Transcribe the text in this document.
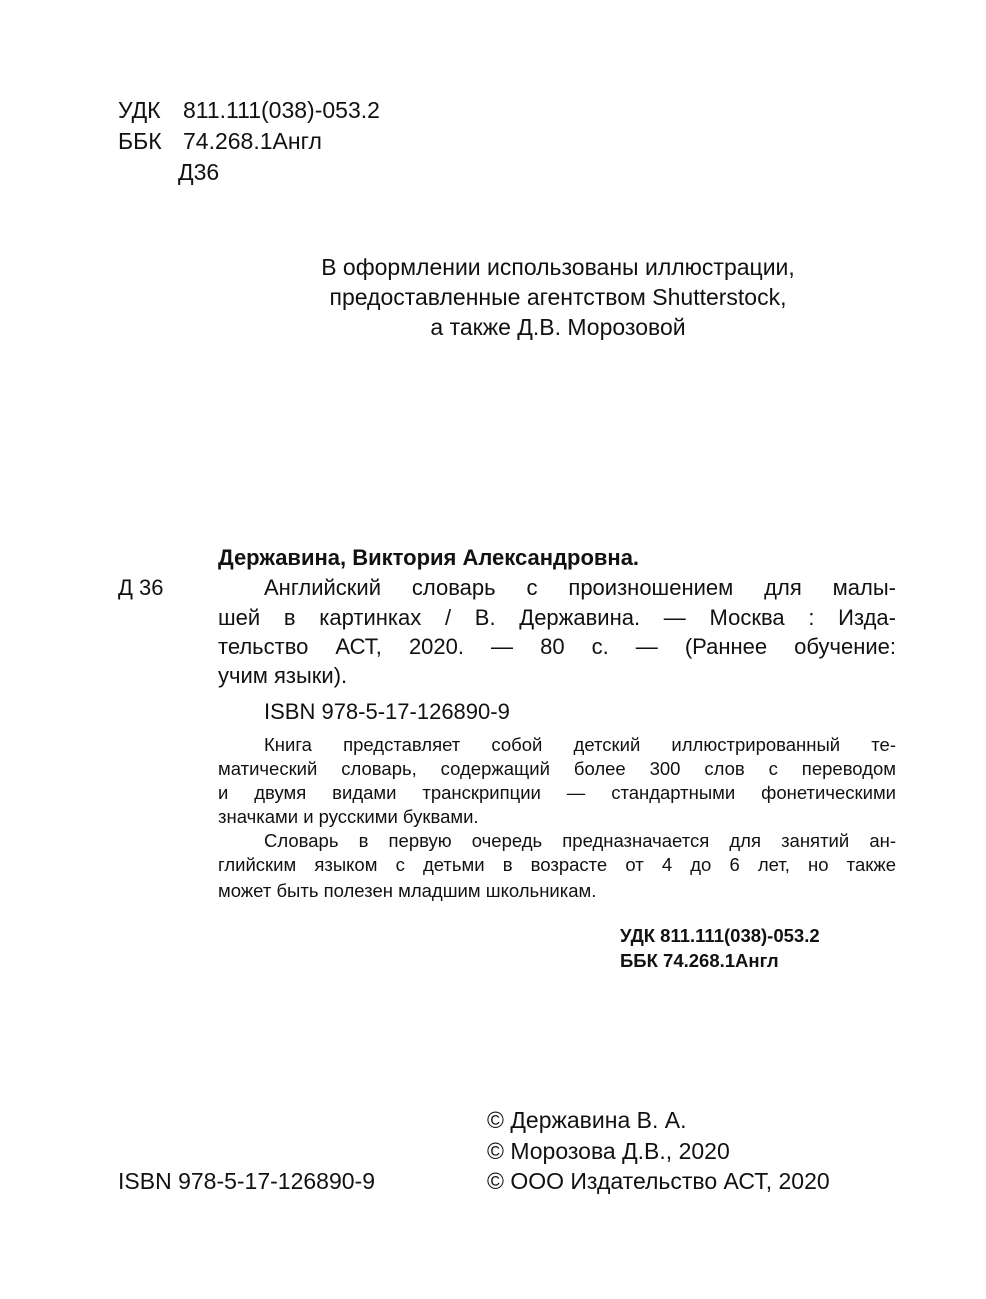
УДК 811.111(038)-053.2
ББК 74.268.1Англ
Д36
В оформлении использованы иллюстрации,
предоставленные агентством Shutterstock,
а также Д.В. Морозовой
Державина, Виктория Александровна.
Д 36	Английский словарь с произношением для малы-
шей в картинках / В. Державина. — Москва : Изда-
тельство АСТ, 2020. — 80 с. — (Раннее обучение:
учим языки).
ISBN 978-5-17-126890-9
Книга представляет собой детский иллюстрированный те-
матический словарь, содержащий более 300 слов с переводом
и двумя видами транскрипции — стандартными фонетическими
значками и русскими буквами.
Словарь в первую очередь предназначается для занятий ан-
глийским языком с детьми в возрасте от 4 до 6 лет, но также
может быть полезен младшим школьникам.
УДК 811.111(038)-053.2
ББК 74.268.1Англ
© Державина В. А.
© Морозова Д.В., 2020
ISBN 978-5-17-126890-9	© ООО Издательство АСТ, 2020
